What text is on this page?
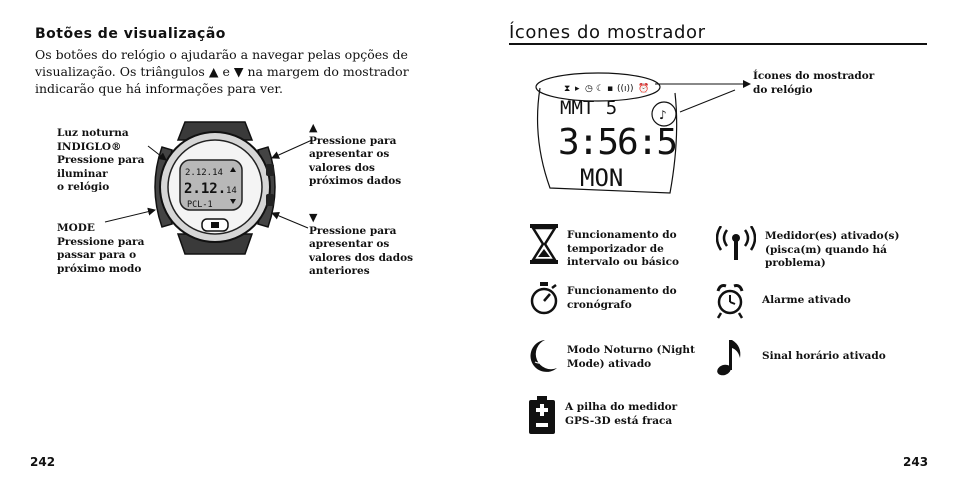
Botões de visualização
Os botões do relógio o ajudarão a navegar pelas opções de
visualização. Os triângulos ▲ e ▼ na margem do mostrador
indicarão que há informações para ver.
2.12.14
2.12. 14
PCL-1
Luz noturna
INDIGLO®
Pressione para
iluminar
o relógio
MODE
Pressione para
passar para o
próximo modo
▲
Pressione para
apresentar os
valores dos
próximos dados
▼
Pressione para
apresentar os
valores dos dados
anteriores
242
Ícones do mostrador
⧗ ▸ ◷ ☾ ▪ ((ı)) ⏰
♪
MMT 5
3:56:5
MON
Ícones do mostrador
do relógio
Funcionamento do
temporizador de
intervalo ou básico
Medidor(es) ativado(s)
(pisca(m) quando há
problema)
Funcionamento do
cronógrafo	Alarme ativado
Modo Noturno (Night
Mode) ativado
Sinal horário ativado
A pilha do medidor
GPS-3D está fraca
243
